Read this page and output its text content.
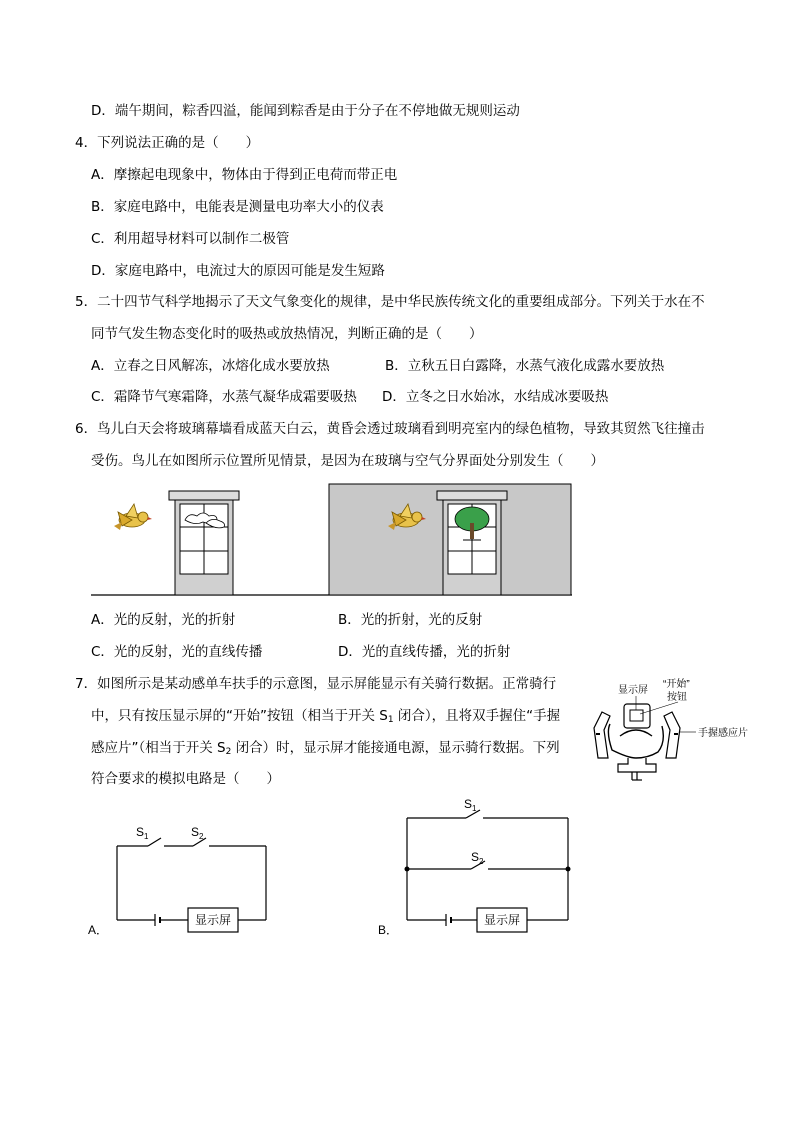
D．端午期间，粽香四溢，能闻到粽香是由于分子在不停地做无规则运动
4．下列说法正确的是（　　）
A．摩擦起电现象中，物体由于得到正电荷而带正电
B．家庭电路中，电能表是测量电功率大小的仪表
C．利用超导材料可以制作二极管
D．家庭电路中，电流过大的原因可能是发生短路
5．二十四节气科学地揭示了天文气象变化的规律，是中华民族传统文化的重要组成部分。下列关于水在不
同节气发生物态变化时的吸热或放热情况，判断正确的是（　　）
A．立春之日风解冻，冰熔化成水要放热	B．立秋五日白露降，水蒸气液化成露水要放热
C．霜降节气寒霜降，水蒸气凝华成霜要吸热 D．立冬之日水始冰，水结成冰要吸热
6．鸟儿白天会将玻璃幕墙看成蓝天白云，黄昏会透过玻璃看到明亮室内的绿色植物，导致其贸然飞往撞击
受伤。鸟儿在如图所示位置所见情景，是因为在玻璃与空气分界面处分别发生（　　）
A．光的反射，光的折射	B．光的折射，光的反射
C．光的反射，光的直线传播	D．光的直线传播，光的折射
7．如图所示是某动感单车扶手的示意图，显示屏能显示有关骑行数据。正常骑行
中，只有按压显示屏的“开始”按钮（相当于开关 $S_1$ 闭合），且将双手握住“手握
感应片”（相当于开关 $S_2$ 闭合）时，显示屏才能接通电源，显示骑行数据。下列
符合要求的模拟电路是（　　）
显示屏
“开始”
按钮
手握感应片
A．
$S_1$	$S_2$
显示屏
B．
$S_1$
$S_2$
显示屏
